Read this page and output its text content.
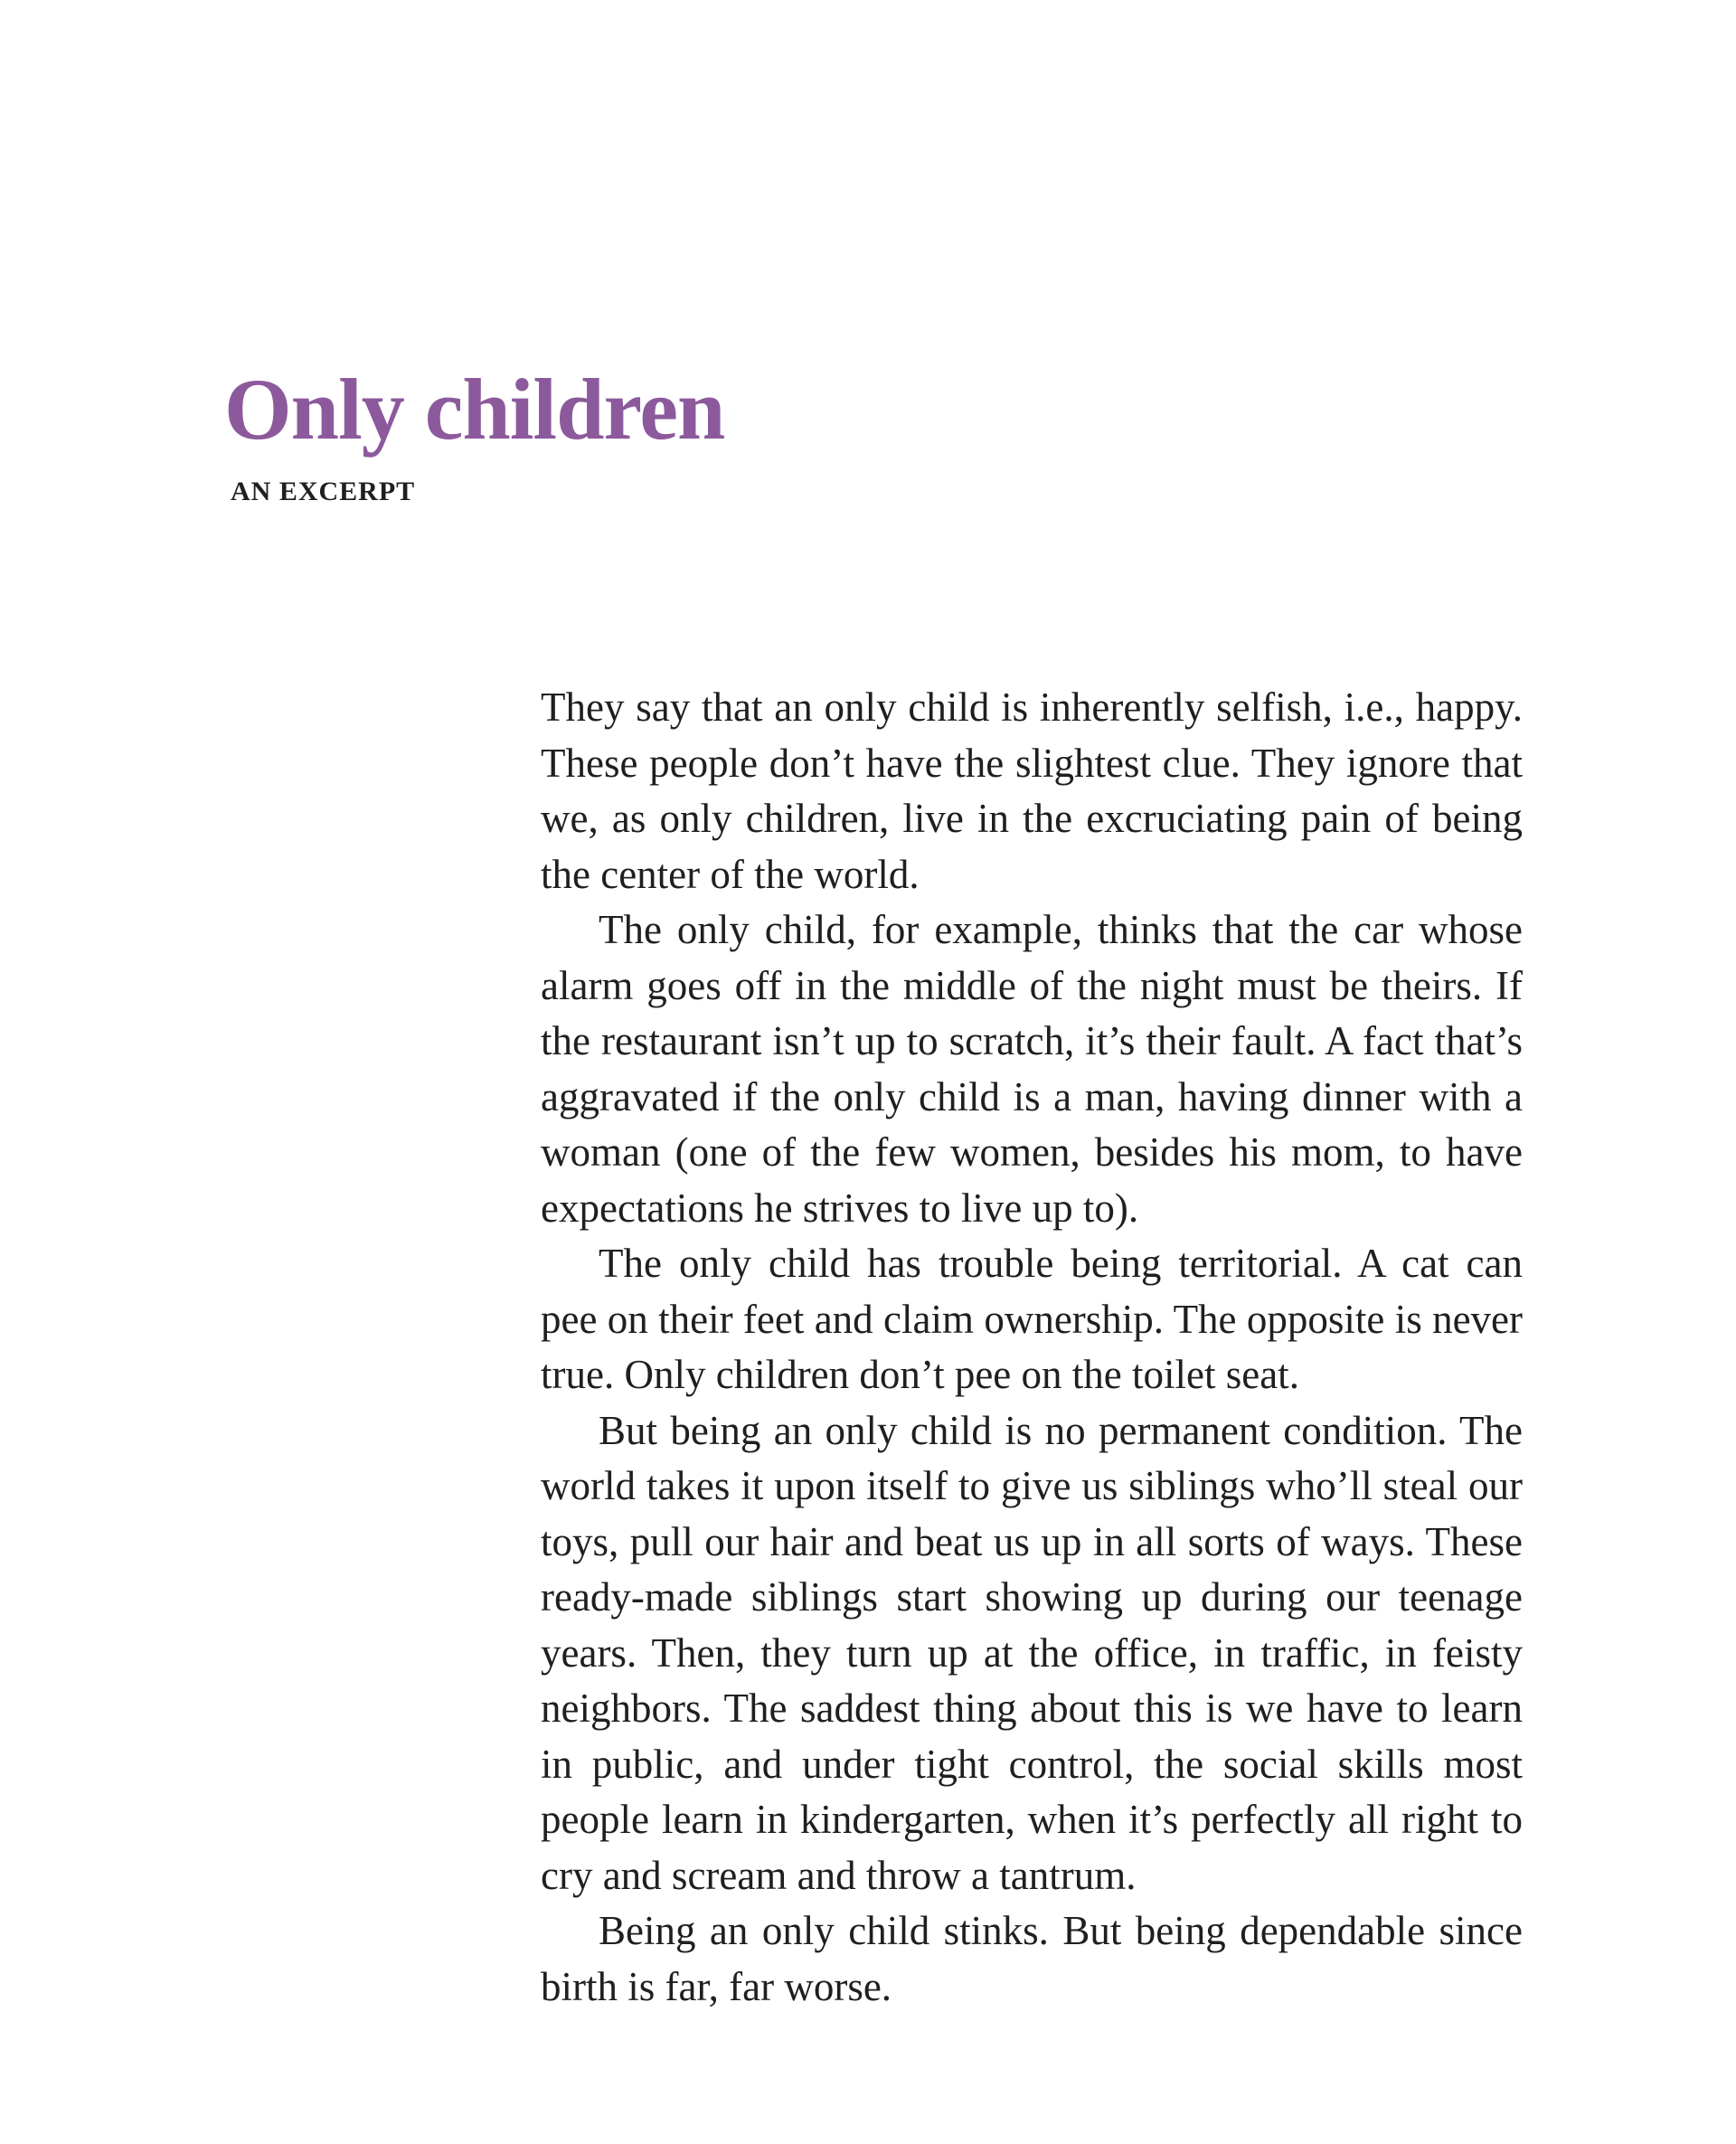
Only children
AN EXCERPT

They say that an only child is inherently selfish, i.e., happy. These people don’t have the slightest clue. They ignore that we, as only children, live in the excruciating pain of being the center of the world.

The only child, for example, thinks that the car whose alarm goes off in the middle of the night must be theirs. If the restaurant isn’t up to scratch, it’s their fault. A fact that’s aggravated if the only child is a man, having dinner with a woman (one of the few women, besides his mom, to have expectations he strives to live up to).

The only child has trouble being territorial. A cat can pee on their feet and claim ownership. The opposite is never true. Only children don’t pee on the toilet seat.

But being an only child is no permanent condition. The world takes it upon itself to give us siblings who’ll steal our toys, pull our hair and beat us up in all sorts of ways. These ready-made siblings start showing up during our teenage years. Then, they turn up at the office, in traffic, in feisty neighbors. The saddest thing about this is we have to learn in public, and under tight control, the social skills most people learn in kindergarten, when it’s perfectly all right to cry and scream and throw a tantrum.

Being an only child stinks. But being dependable since birth is far, far worse.
